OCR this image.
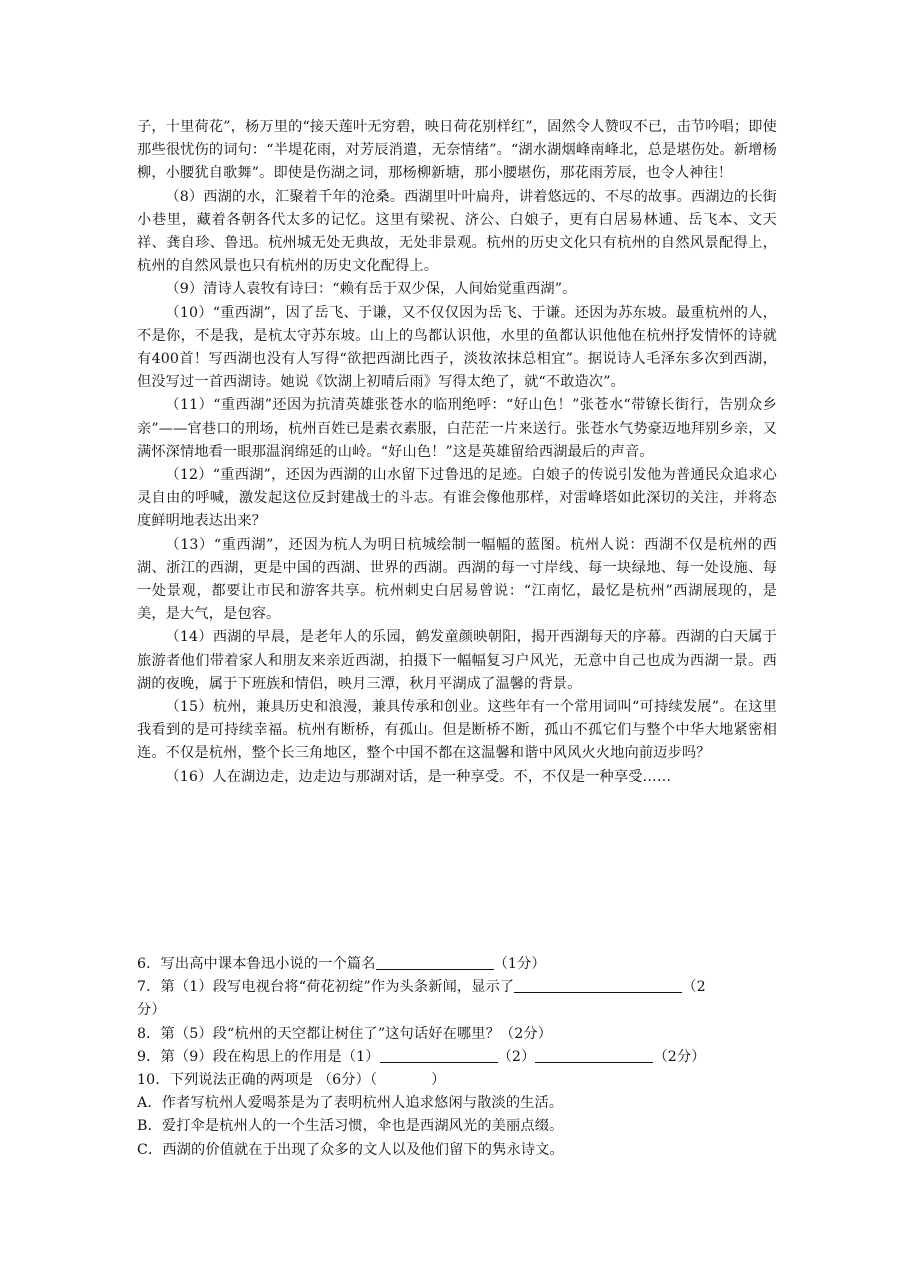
子，十里荷花”，杨万里的“接天莲叶无穷碧，映日荷花别样红”，固然令人赞叹不已，击节吟唱；即使那些很忧伤的词句：“半堤花雨，对芳辰消遣，无奈情绪”。“湖水湖烟峰南峰北，总是堪伤处。新增杨柳，小腰犹自歌舞”。即使是伤湖之词，那杨柳新塘，那小腰堪伤，那花雨芳辰，也令人神往！

（8）西湖的水，汇聚着千年的沧桑。西湖里叶叶扁舟，讲着悠远的、不尽的故事。西湖边的长街小巷里，藏着各朝各代太多的记忆。这里有梁祝、济公、白娘子，更有白居易林逋、岳飞本、文天祥、龚自珍、鲁迅。杭州城无处无典故，无处非景观。杭州的历史文化只有杭州的自然风景配得上，杭州的自然风景也只有杭州的历史文化配得上。

（9）清诗人袁牧有诗曰：“赖有岳于双少保，人间始觉重西湖”。

（10）“重西湖”，因了岳飞、于谦，又不仅仅因为岳飞、于谦。还因为苏东坡。最重杭州的人，不是你，不是我，是杭太守苏东坡。山上的鸟都认识他，水里的鱼都认识他他在杭州抒发情怀的诗就有400首！写西湖也没有人写得“欲把西湖比西子，淡妆浓抹总相宜”。据说诗人毛泽东多次到西湖，但没写过一首西湖诗。她说《饮湖上初晴后雨》写得太绝了，就“不敢造次”。

（11）“重西湖”还因为抗清英雄张苍水的临刑绝呼：“好山色！”张苍水“带镣长街行，告别众乡亲”——官巷口的刑场，杭州百姓已是素衣素服，白茫茫一片来送行。张苍水气势豪迈地拜别乡亲，又满怀深情地看一眼那温润绵延的山岭。“好山色！”这是英雄留给西湖最后的声音。

（12）“重西湖”，还因为西湖的山水留下过鲁迅的足迹。白娘子的传说引发他为普通民众追求心灵自由的呼喊，激发起这位反封建战士的斗志。有谁会像他那样，对雷峰塔如此深切的关注，并将态度鲜明地表达出来？

（13）“重西湖”，还因为杭人为明日杭城绘制一幅幅的蓝图。杭州人说：西湖不仅是杭州的西湖、浙江的西湖，更是中国的西湖、世界的西湖。西湖的每一寸岸线、每一块绿地、每一处设施、每一处景观，都要让市民和游客共享。杭州刺史白居易曾说：“江南忆，最忆是杭州”西湖展现的，是美，是大气，是包容。

（14）西湖的早晨，是老年人的乐园，鹤发童颜映朝阳，揭开西湖每天的序幕。西湖的白天属于旅游者他们带着家人和朋友来亲近西湖，拍摄下一幅幅复习户风光，无意中自己也成为西湖一景。西湖的夜晚，属于下班族和情侣，映月三潭，秋月平湖成了温馨的背景。

（15）杭州，兼具历史和浪漫，兼具传承和创业。这些年有一个常用词叫“可持续发展”。在这里我看到的是可持续幸福。杭州有断桥，有孤山。但是断桥不断，孤山不孤它们与整个中华大地紧密相连。不仅是杭州，整个长三角地区，整个中国不都在这温馨和谐中风风火火地向前迈步吗？

（16）人在湖边走，边走边与那湖对话，是一种享受。不，不仅是一种享受……

6．写出高中课本鲁迅小说的一个篇名	（1分）

7．第（1）段写电视台将“荷花初绽”作为头条新闻，显示了	（2

分）

8．第（5）段“杭州的天空都让树住了”这句话好在哪里？（2分）

9．第（9）段在构思上的作用是（1）	（2）	（2分）

10．下列说法正确的两项是 （6分）（	）

A．作者写杭州人爱喝茶是为了表明杭州人追求悠闲与散淡的生活。

B．爱打伞是杭州人的一个生活习惯，伞也是西湖风光的美丽点缀。

C．西湖的价值就在于出现了众多的文人以及他们留下的隽永诗文。
